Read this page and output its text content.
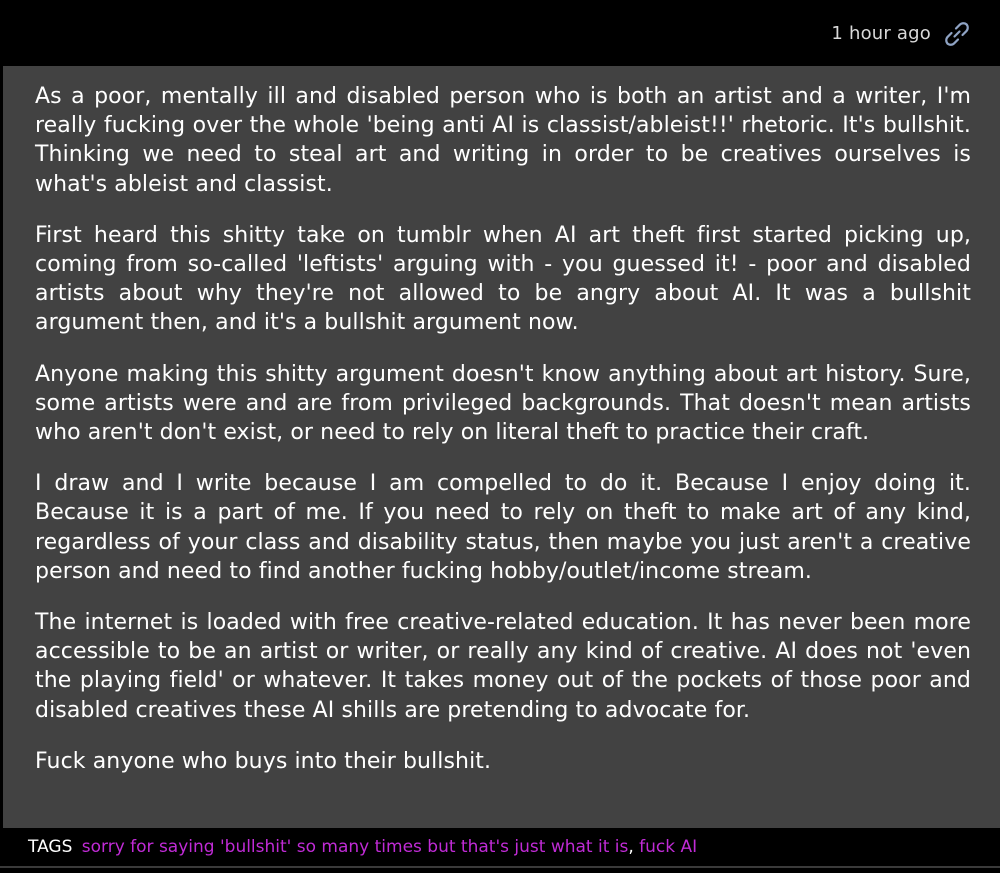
1 hour ago

As a poor, mentally ill and disabled person who is both an artist and a writer, I'm really fucking over the whole 'being anti AI is classist/ableist!!' rhetoric. It's bullshit. Thinking we need to steal art and writing in order to be creatives ourselves is what's ableist and classist.

First heard this shitty take on tumblr when AI art theft first started picking up, coming from so-called 'leftists' arguing with - you guessed it! - poor and disabled artists about why they're not allowed to be angry about AI. It was a bullshit argument then, and it's a bullshit argument now.

Anyone making this shitty argument doesn't know anything about art history. Sure, some artists were and are from privileged backgrounds. That doesn't mean artists who aren't don't exist, or need to rely on literal theft to practice their craft.

I draw and I write because I am compelled to do it. Because I enjoy doing it. Because it is a part of me. If you need to rely on theft to make art of any kind, regardless of your class and disability status, then maybe you just aren't a creative person and need to find another fucking hobby/outlet/income stream.

The internet is loaded with free creative-related education. It has never been more accessible to be an artist or writer, or really any kind of creative. AI does not 'even the playing field' or whatever. It takes money out of the pockets of those poor and disabled creatives these AI shills are pretending to advocate for.

Fuck anyone who buys into their bullshit.

TAGS sorry for saying 'bullshit' so many times but that's just what it is, fuck AI
